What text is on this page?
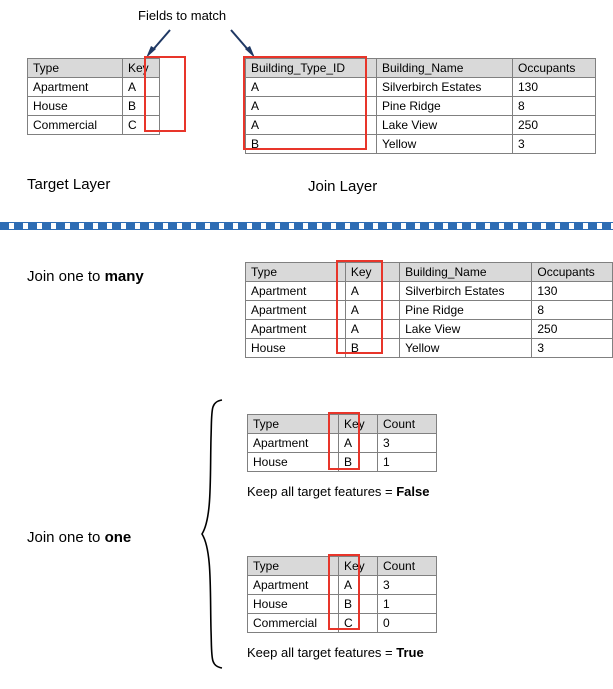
Fields to match
Type	Key
Apartment	A
House	B
Commercial	C
Building_Type_ID	Building_Name	Occupants
A	Silverbirch Estates	130
A	Pine Ridge	8
A	Lake View	250
B	Yellow	3
Target Layer	Join Layer
Join one to many	Type	Key	Building_Name	Occupants
Apartment	A	Silverbirch Estates	130
Apartment	A	Pine Ridge	8
Apartment	A	Lake View	250
House	B	Yellow	3
Join one to one
Type	Key	Count
Apartment	A	3
House	B	1
Keep all target features = False
Type	Key	Count
Apartment	A	3
House	B	1
Commercial	C	0
Keep all target features = True
